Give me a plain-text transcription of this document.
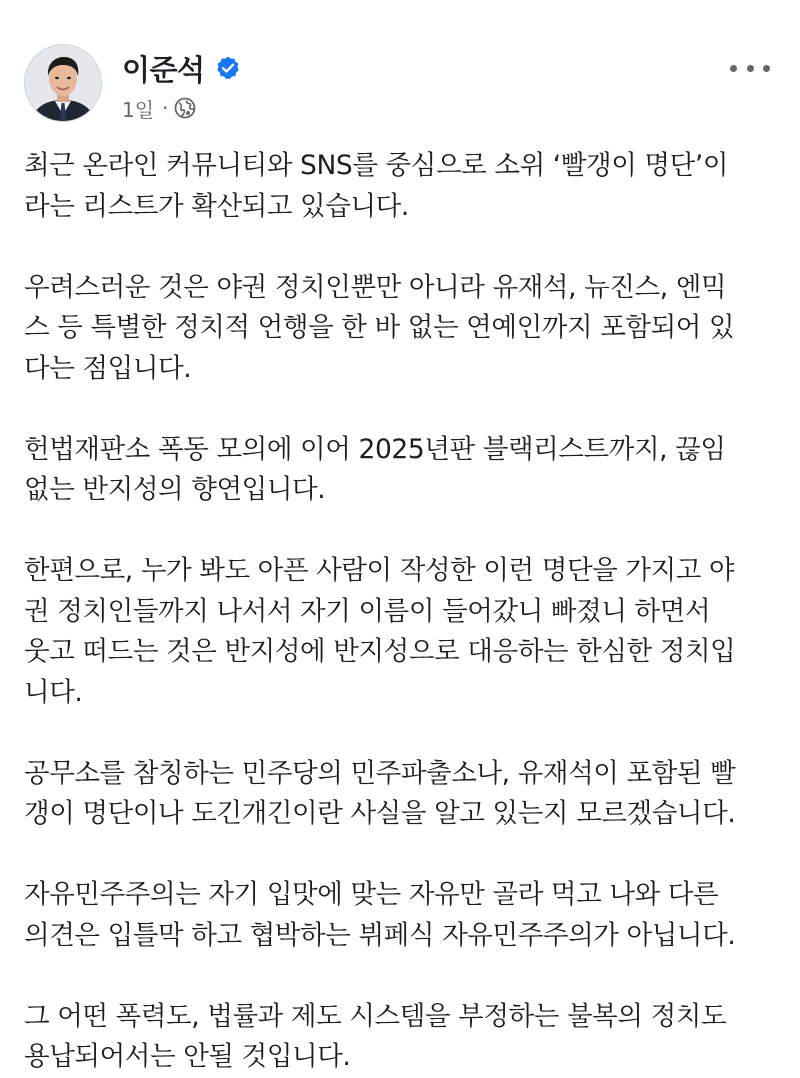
이준석
1일 ·

최근 온라인 커뮤니티와 SNS를 중심으로 소위 ‘빨갱이 명단’이
라는 리스트가 확산되고 있습니다.

우려스러운 것은 야권 정치인뿐만 아니라 유재석, 뉴진스, 엔믹
스 등 특별한 정치적 언행을 한 바 없는 연예인까지 포함되어 있
다는 점입니다.

헌법재판소 폭동 모의에 이어 2025년판 블랙리스트까지, 끊임
없는 반지성의 향연입니다.

한편으로, 누가 봐도 아픈 사람이 작성한 이런 명단을 가지고 야
권 정치인들까지 나서서 자기 이름이 들어갔니 빠졌니 하면서
웃고 떠드는 것은 반지성에 반지성으로 대응하는 한심한 정치입
니다.

공무소를 참칭하는 민주당의 민주파출소나, 유재석이 포함된 빨
갱이 명단이나 도긴개긴이란 사실을 알고 있는지 모르겠습니다.

자유민주주의는 자기 입맛에 맞는 자유만 골라 먹고 나와 다른
의견은 입틀막 하고 협박하는 뷔페식 자유민주주의가 아닙니다.

그 어떤 폭력도, 법률과 제도 시스템을 부정하는 불복의 정치도
용납되어서는 안될 것입니다.
